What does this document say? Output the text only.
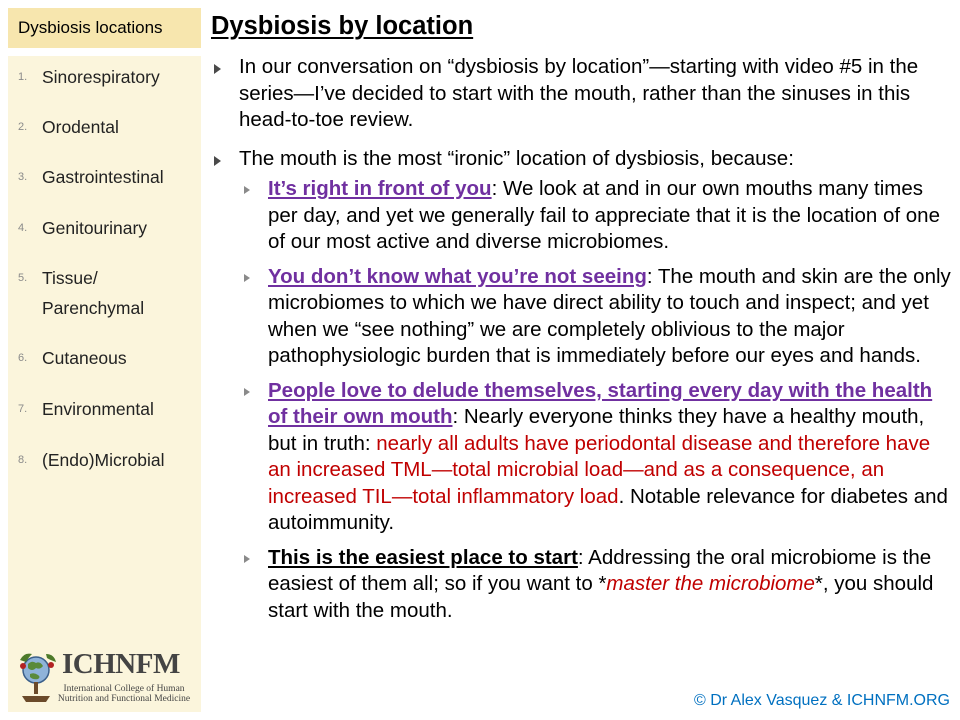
Dysbiosis locations
1. Sinorespiratory
2. Orodental
3. Gastrointestinal
4. Genitourinary
5. Tissue/ Parenchymal
6. Cutaneous
7. Environmental
8. (Endo)Microbial
ICHNFM
International College of Human Nutrition and Functional Medicine
Dysbiosis by location
In our conversation on “dysbiosis by location”—starting with video #5 in the series—I’ve decided to start with the mouth, rather than the sinuses in this head-to-toe review.
The mouth is the most “ironic” location of dysbiosis, because:
It’s right in front of you: We look at and in our own mouths many times per day, and yet we generally fail to appreciate that it is the location of one of our most active and diverse microbiomes.
You don’t know what you’re not seeing: The mouth and skin are the only microbiomes to which we have direct ability to touch and inspect; and yet when we “see nothing” we are completely oblivious to the major pathophysiologic burden that is immediately before our eyes and hands.
People love to delude themselves, starting every day with the health of their own mouth: Nearly everyone thinks they have a healthy mouth, but in truth: nearly all adults have periodontal disease and therefore have an increased TML—total microbial load—and as a consequence, an increased TIL—total inflammatory load. Notable relevance for diabetes and autoimmunity.
This is the easiest place to start: Addressing the oral microbiome is the easiest of them all; so if you want to *master the microbiome*, you should start with the mouth.
© Dr Alex Vasquez & ICHNFM.ORG
